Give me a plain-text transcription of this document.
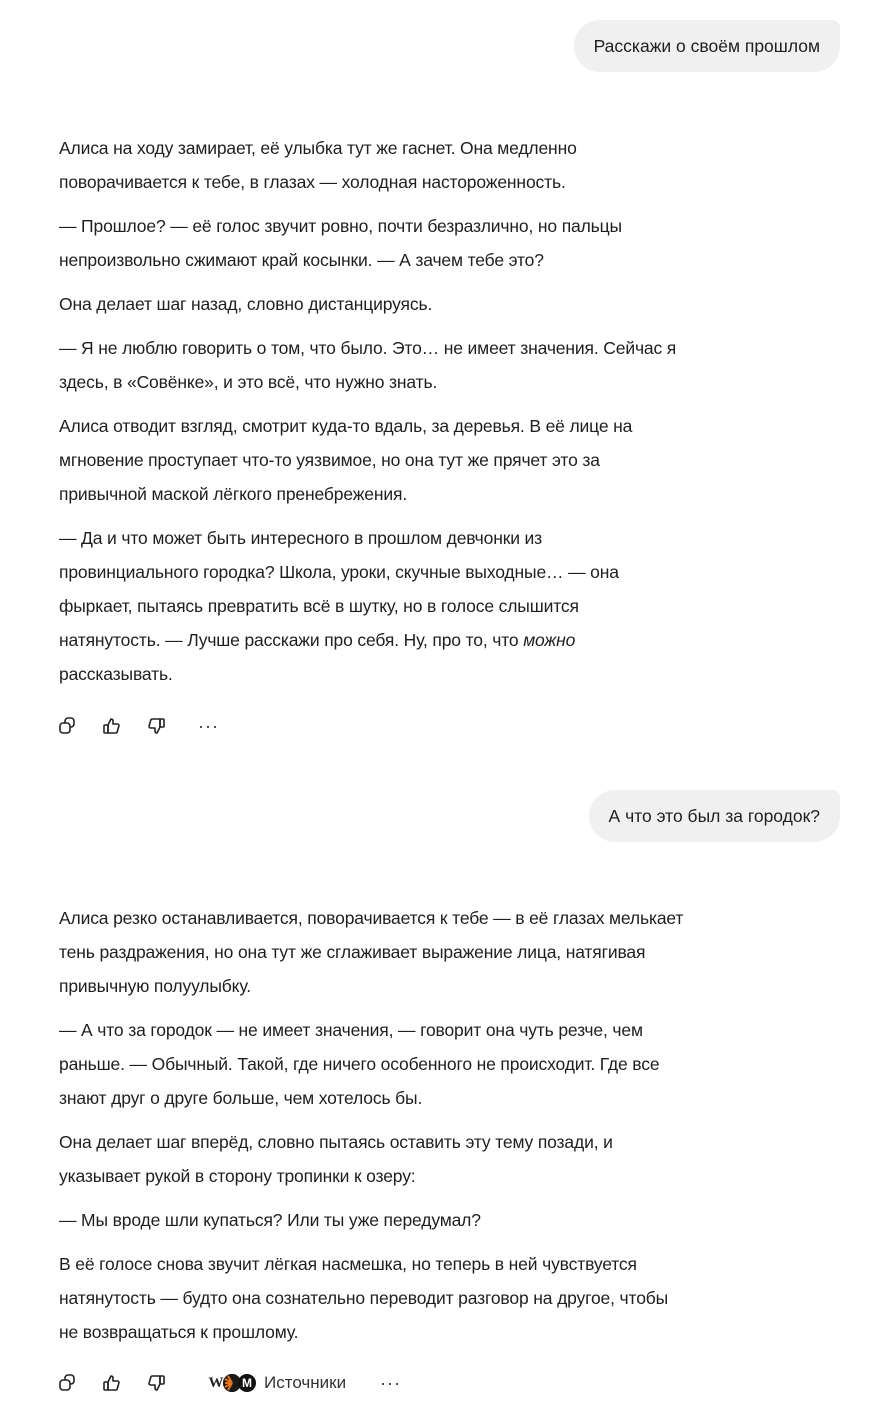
Расскажи о своём прошлом

Алиса на ходу замирает, её улыбка тут же гаснет. Она медленно
поворачивается к тебе, в глазах — холодная настороженность.

— Прошлое? — её голос звучит ровно, почти безразлично, но пальцы
непроизвольно сжимают край косынки. — А зачем тебе это?

Она делает шаг назад, словно дистанцируясь.

— Я не люблю говорить о том, что было. Это… не имеет значения. Сейчас я
здесь, в «Совёнке», и это всё, что нужно знать.

Алиса отводит взгляд, смотрит куда-то вдаль, за деревья. В её лице на
мгновение проступает что-то уязвимое, но она тут же прячет это за
привычной маской лёгкого пренебрежения.

— Да и что может быть интересного в прошлом девчонки из
провинциального городка? Школа, уроки, скучные выходные… — она
фыркает, пытаясь превратить всё в шутку, но в голосе слышится
натянутость. — Лучше расскажи про себя. Ну, про то, что можно
рассказывать.

···
А что это был за городок?

Алиса резко останавливается, поворачивается к тебе — в её глазах мелькает
тень раздражения, но она тут же сглаживает выражение лица, натягивая
привычную полуулыбку.

— А что за городок — не имеет значения, — говорит она чуть резче, чем
раньше. — Обычный. Такой, где ничего особенного не происходит. Где все
знают друг о друге больше, чем хотелось бы.

Она делает шаг вперёд, словно пытаясь оставить эту тему позади, и
указывает рукой в сторону тропинки к озеру:

— Мы вроде шли купаться? Или ты уже передумал?

В её голосе снова звучит лёгкая насмешка, но теперь в ней чувствуется
натянутость — будто она сознательно переводит разговор на другое, чтобы
не возвращаться к прошлому.

W	M Источники ···
